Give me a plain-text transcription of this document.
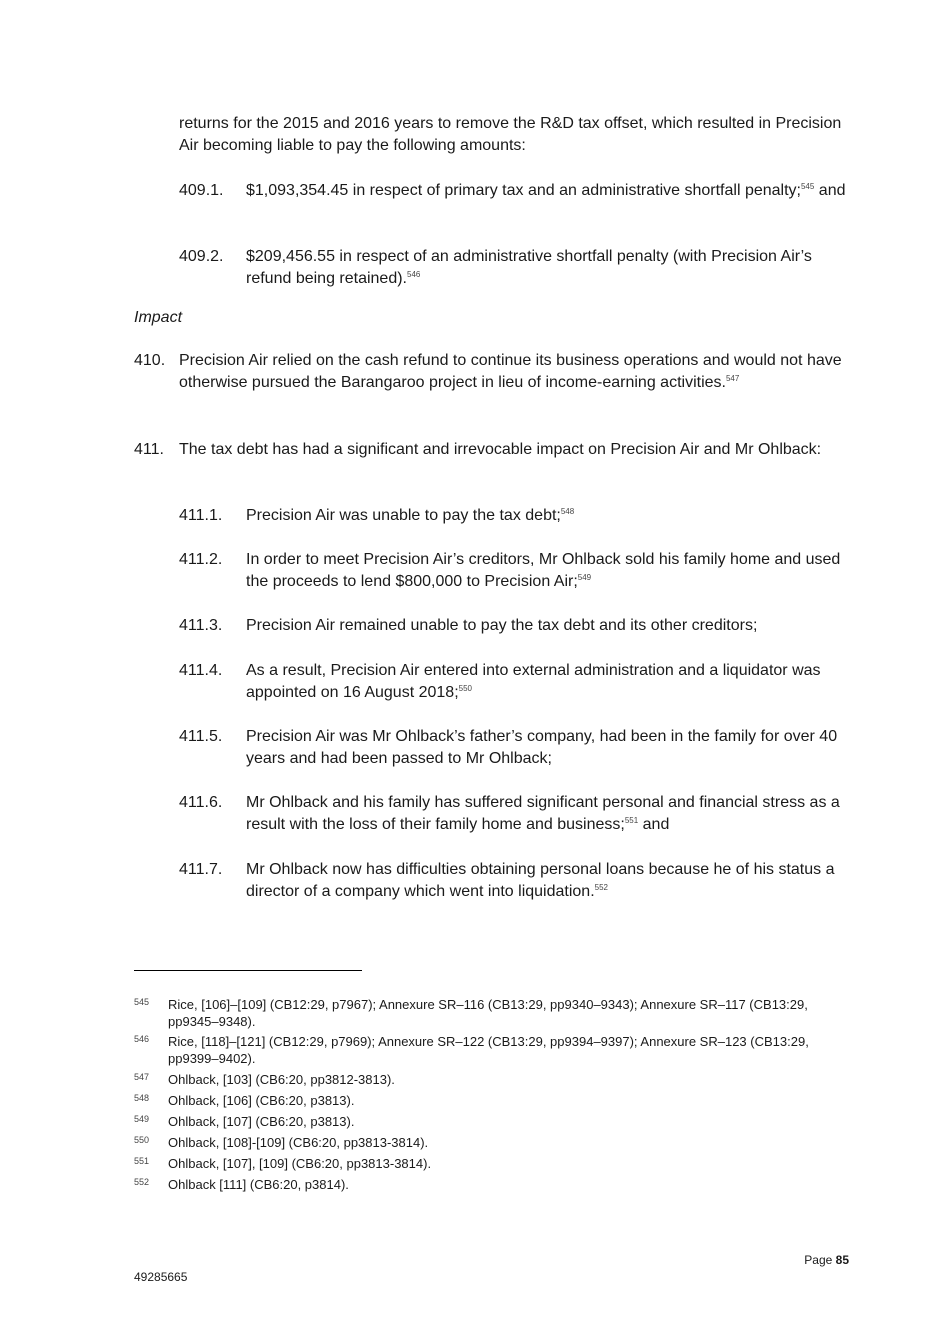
returns for the 2015 and 2016 years to remove the R&D tax offset, which resulted in Precision Air becoming liable to pay the following amounts:
409.1. $1,093,354.45 in respect of primary tax and an administrative shortfall penalty;$^{545}$ and
409.2. $209,456.55 in respect of an administrative shortfall penalty (with Precision Air’s refund being retained).$^{546}$
Impact
410. Precision Air relied on the cash refund to continue its business operations and would not have otherwise pursued the Barangaroo project in lieu of income-earning activities.$^{547}$
411. The tax debt has had a significant and irrevocable impact on Precision Air and Mr Ohlback:
411.1. Precision Air was unable to pay the tax debt;$^{548}$
411.2. In order to meet Precision Air’s creditors, Mr Ohlback sold his family home and used the proceeds to lend $800,000 to Precision Air;$^{549}$
411.3. Precision Air remained unable to pay the tax debt and its other creditors;
411.4. As a result, Precision Air entered into external administration and a liquidator was appointed on 16 August 2018;$^{550}$
411.5. Precision Air was Mr Ohlback’s father’s company, had been in the family for over 40 years and had been passed to Mr Ohlback;
411.6. Mr Ohlback and his family has suffered significant personal and financial stress as a result with the loss of their family home and business;$^{551}$ and
411.7. Mr Ohlback now has difficulties obtaining personal loans because he of his status a director of a company which went into liquidation.$^{552}$
545 Rice, [106]–[109] (CB12:29, p7967); Annexure SR–116 (CB13:29, pp9340–9343); Annexure SR–117 (CB13:29, pp9345–9348).
546 Rice, [118]–[121] (CB12:29, p7969); Annexure SR–122 (CB13:29, pp9394–9397); Annexure SR–123 (CB13:29, pp9399–9402).
547 Ohlback, [103] (CB6:20, pp3812-3813).
548 Ohlback, [106] (CB6:20, p3813).
549 Ohlback, [107] (CB6:20, p3813).
550 Ohlback, [108]-[109] (CB6:20, pp3813-3814).
551 Ohlback, [107], [109] (CB6:20, pp3813-3814).
552 Ohlback [111] (CB6:20, p3814).
Page 85
49285665
